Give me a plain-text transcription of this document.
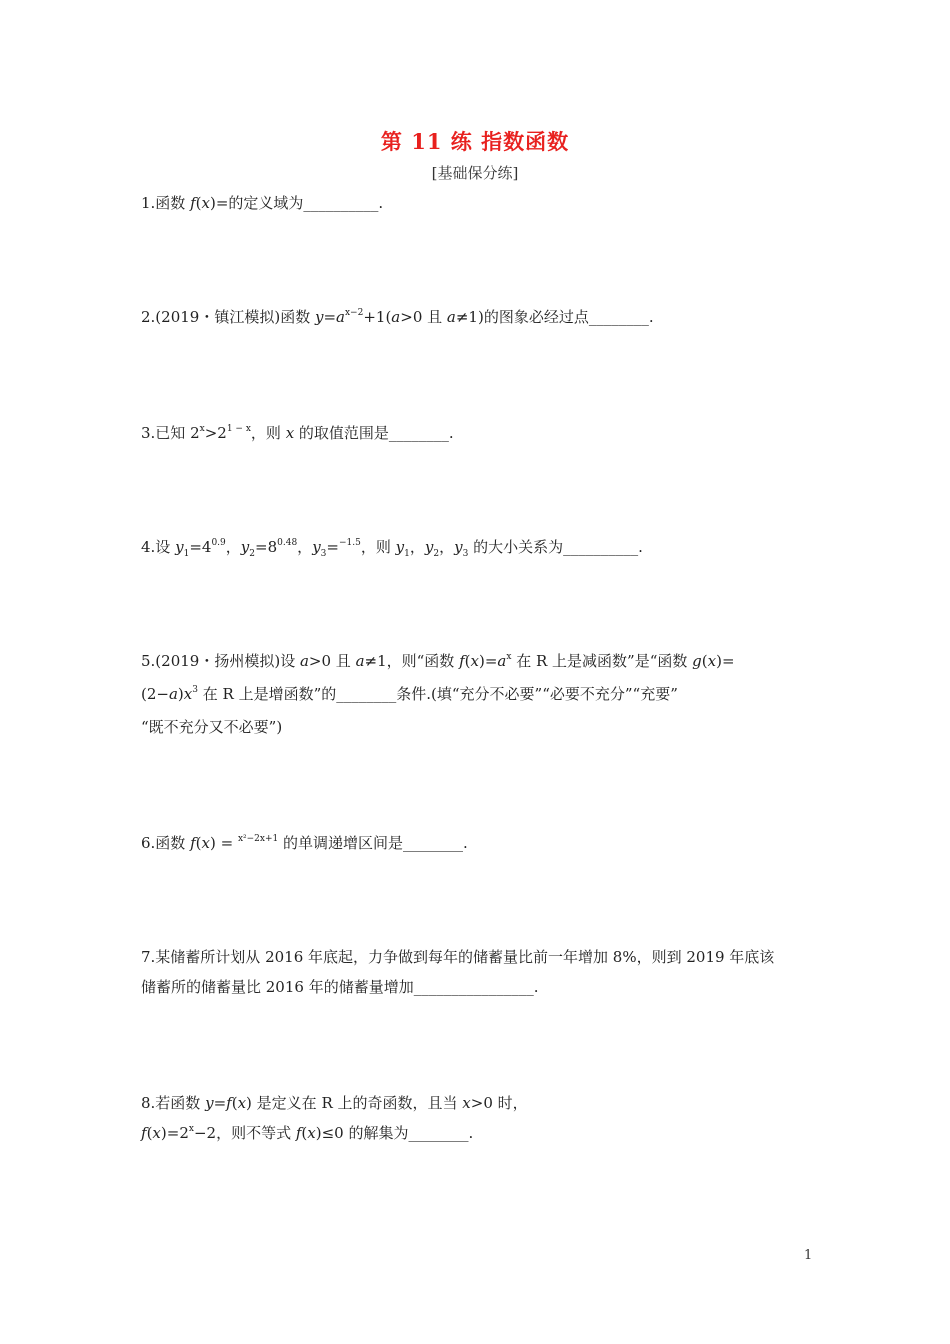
第 11 练 指数函数
[基础保分练]
1.函数 f(x)=的定义域为__________.
2.(2019・镇江模拟)函数 $y=a^{x-2}+1(a>0$ 且 a≠1)的图象必经过点________.
3.已知 $2^x>2^{1 - x}$，则 x 的取值范围是________.
4.设 $y_1=4^{0.9}$，$y_2=8^{0.48}$，$y_3=^{-1.5}$，则 $y_1$，$y_2$，$y_3$ 的大小关系为__________.
5.(2019・扬州模拟)设 a>0 且 a≠1，则“函数 $f(x)=a^x$ 在 R 上是减函数”是“函数 g(x)=
$(2-a)x^3$ 在 R 上是增函数”的________条件.(填“充分不必要”“必要不充分”“充要”
“既不充分又不必要”)
6.函数 f(x) = $^{x^2-2x+1}$ 的单调递增区间是________.
7.某储蓄所计划从 2016 年底起，力争做到每年的储蓄量比前一年增加 8%，则到 2019 年底该
储蓄所的储蓄量比 2016 年的储蓄量增加________________.
8.若函数 y=f(x) 是定义在 R 上的奇函数，且当 x>0 时，
$f(x)=2^x-2$，则不等式 f(x)≤0 的解集为________.
1
